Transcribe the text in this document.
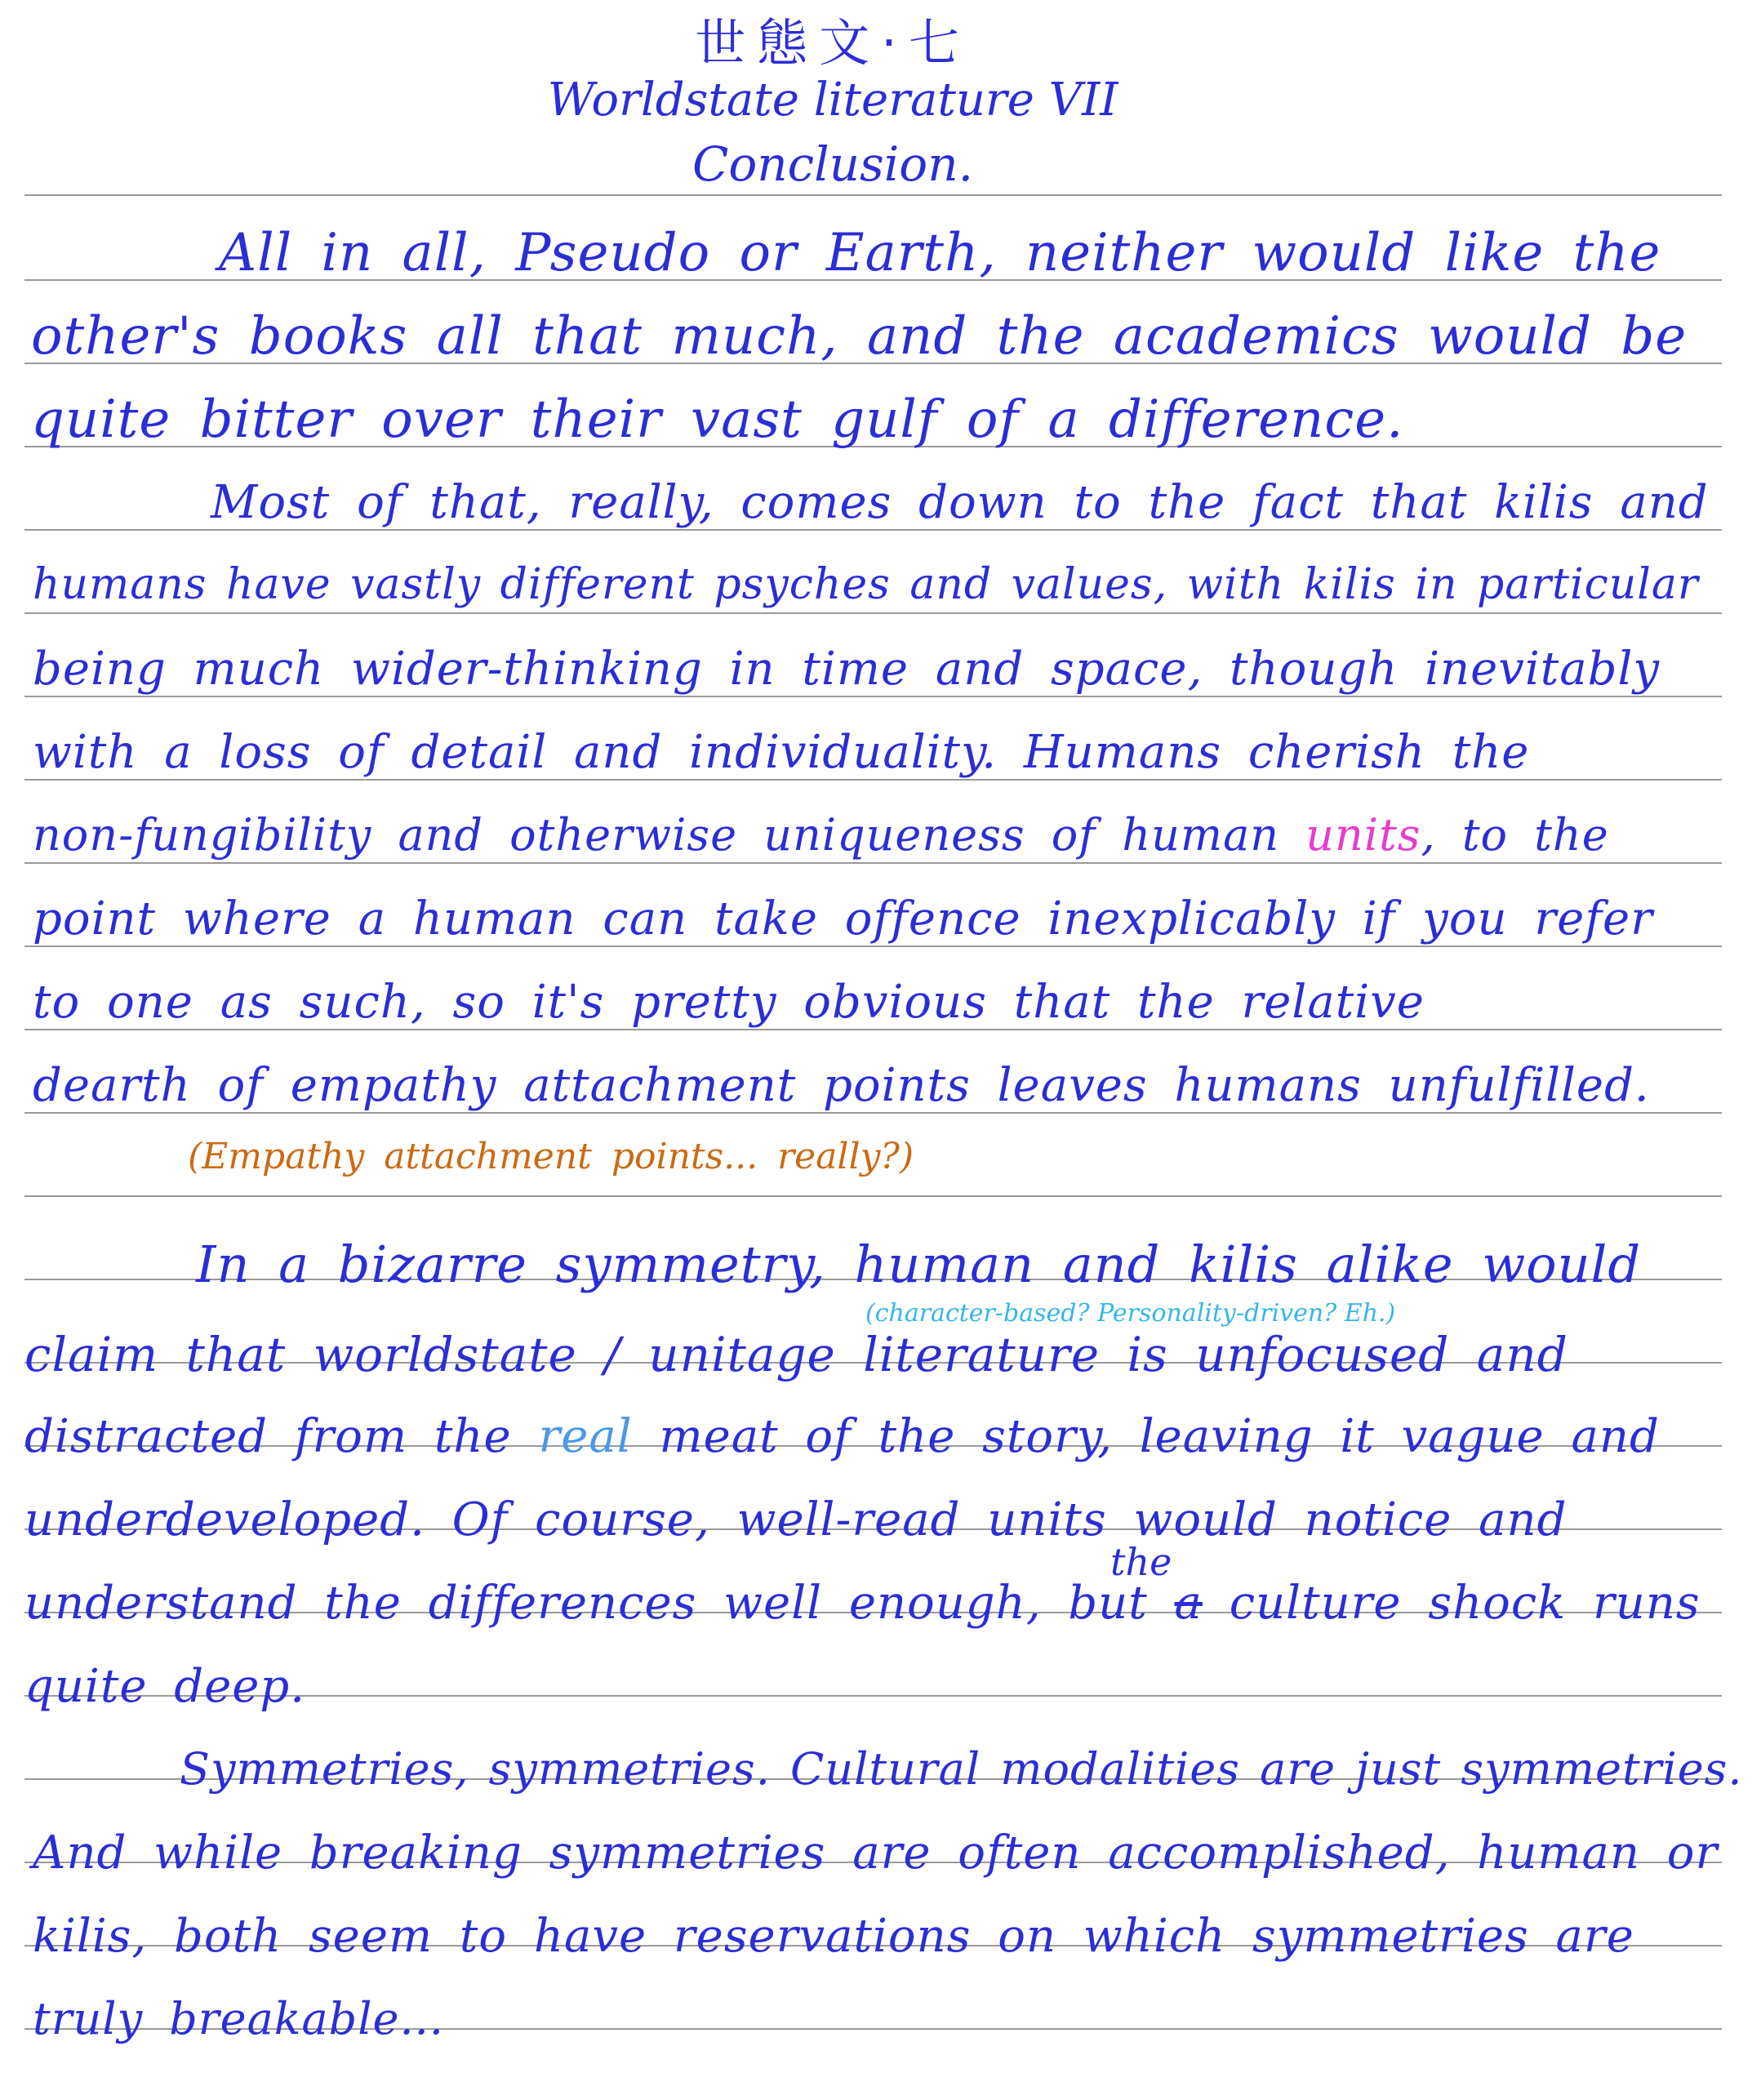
世態文·七
Worldstate literature VII
Conclusion.
All in all, Pseudo or Earth, neither would like the
other's books all that much, and the academics would be
quite bitter over their vast gulf of a difference.
Most of that, really, comes down to the fact that kilis and
humans have vastly different psyches and values, with kilis in particular
being much wider-thinking in time and space, though inevitably
with a loss of detail and individuality. Humans cherish the
non-fungibility and otherwise uniqueness of human units, to the
point where a human can take offence inexplicably if you refer
to one as such, so it's pretty obvious that the relative
dearth of empathy attachment points leaves humans unfulfilled.
(Empathy attachment points... really?)
In a bizarre symmetry, human and kilis alike would
(character-based? Personality-driven? Eh.)
claim that worldstate / unitage literature is unfocused and
distracted from the real meat of the story, leaving it vague and
underdeveloped. Of course, well-read units would notice and
the
understand the differences well enough, but a culture shock runs
quite deep.
Symmetries, symmetries. Cultural modalities are just symmetries.
And while breaking symmetries are often accomplished, human or
kilis, both seem to have reservations on which symmetries are
truly breakable...
